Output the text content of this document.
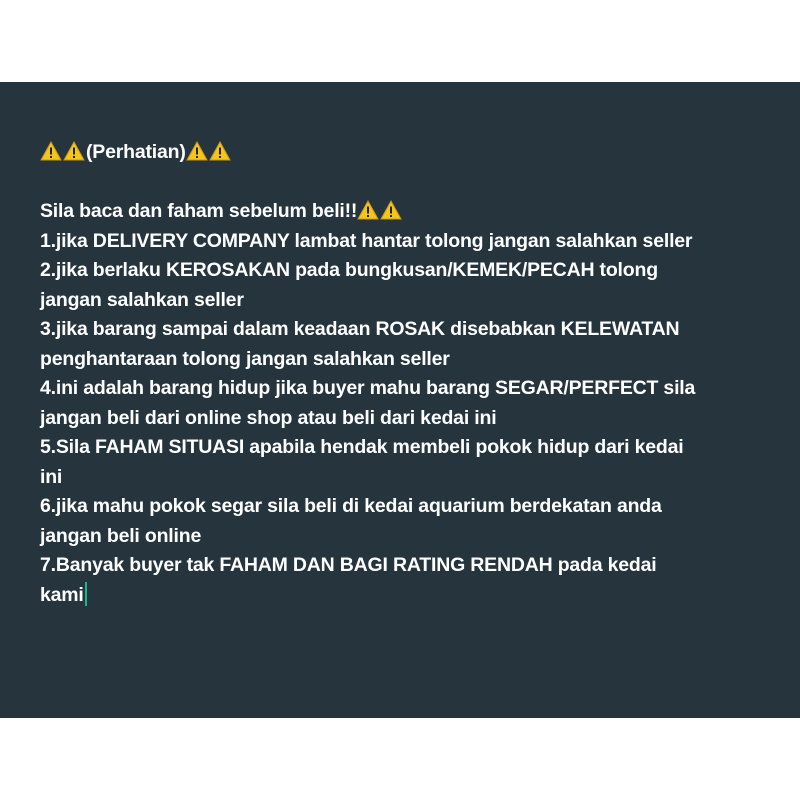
(Perhatian)
Sila baca dan faham sebelum beli!!
1.jika DELIVERY COMPANY lambat hantar tolong jangan salahkan seller
2.jika berlaku KEROSAKAN pada bungkusan/KEMEK/PECAH tolong
jangan salahkan seller
3.jika barang sampai dalam keadaan ROSAK disebabkan KELEWATAN
penghantaraan tolong jangan salahkan seller
4.ini adalah barang hidup jika buyer mahu barang SEGAR/PERFECT sila
jangan beli dari online shop atau beli dari kedai ini
5.Sila FAHAM SITUASI apabila hendak membeli pokok hidup dari kedai
ini
6.jika mahu pokok segar sila beli di kedai aquarium berdekatan anda
jangan beli online
7.Banyak buyer tak FAHAM DAN BAGI RATING RENDAH pada kedai
kami
